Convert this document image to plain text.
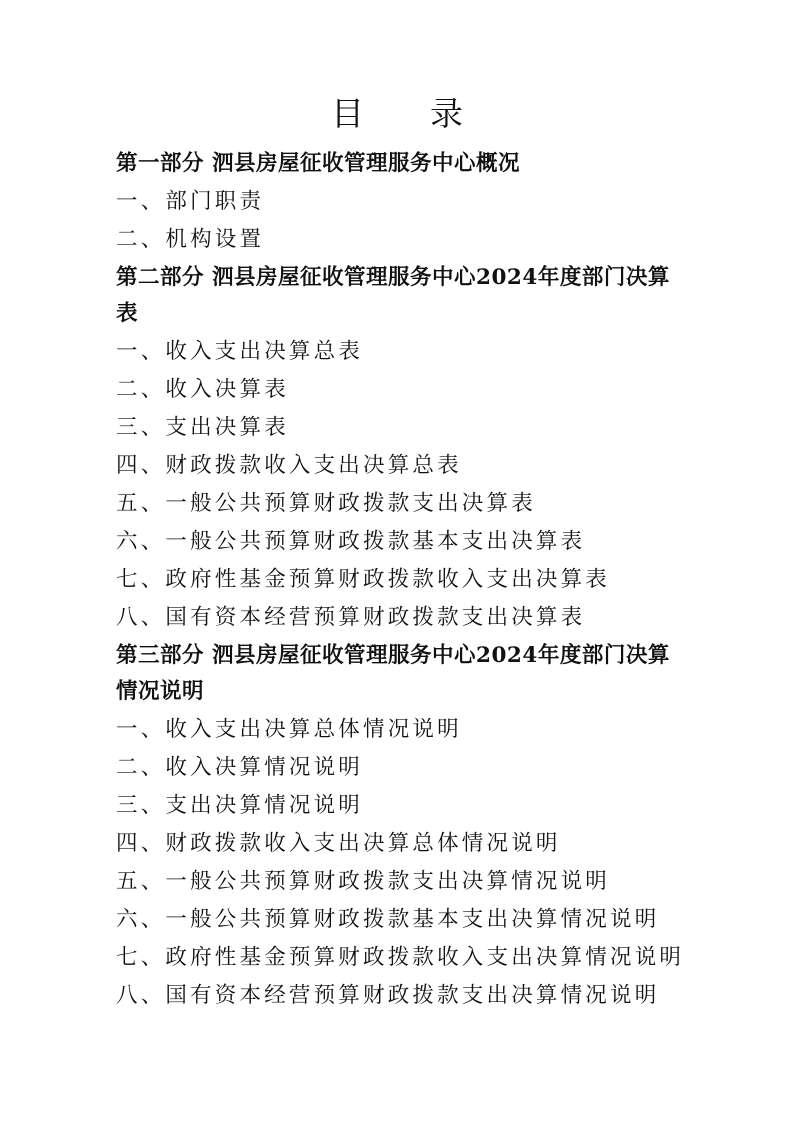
目　　录

第一部分 泗县房屋征收管理服务中心概况

一、部门职责

二、机构设置

第二部分 泗县房屋征收管理服务中心2024年度部门决算表

一、收入支出决算总表

二、收入决算表

三、支出决算表

四、财政拨款收入支出决算总表

五、一般公共预算财政拨款支出决算表

六、一般公共预算财政拨款基本支出决算表

七、政府性基金预算财政拨款收入支出决算表

八、国有资本经营预算财政拨款支出决算表

第三部分 泗县房屋征收管理服务中心2024年度部门决算情况说明

一、收入支出决算总体情况说明

二、收入决算情况说明

三、支出决算情况说明

四、财政拨款收入支出决算总体情况说明

五、一般公共预算财政拨款支出决算情况说明

六、一般公共预算财政拨款基本支出决算情况说明

七、政府性基金预算财政拨款收入支出决算情况说明

八、国有资本经营预算财政拨款支出决算情况说明
